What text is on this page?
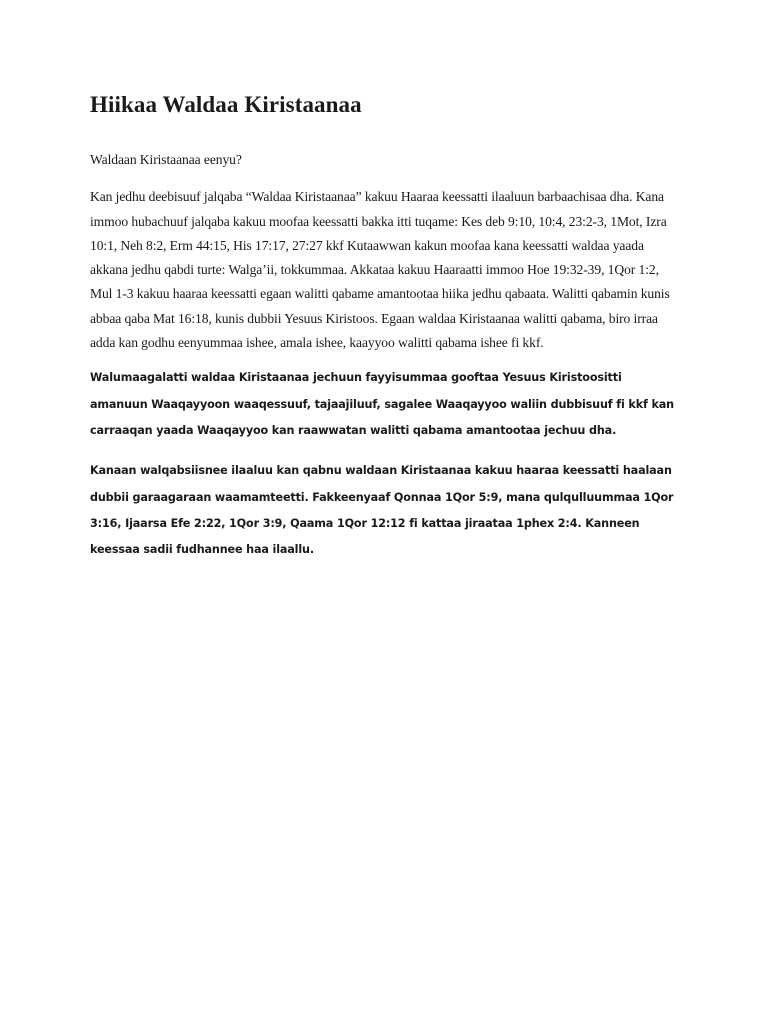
Hiikaa Waldaa Kiristaanaa

Waldaan Kiristaanaa eenyu?

Kan jedhu deebisuuf jalqaba “Waldaa Kiristaanaa” kakuu Haaraa keessatti ilaaluun barbaachisaa dha. Kana immoo hubachuuf jalqaba kakuu moofaa keessatti bakka itti tuqame: Kes deb 9:10, 10:4, 23:2-3, 1Mot, Izra 10:1, Neh 8:2, Erm 44:15, His 17:17, 27:27 kkf Kutaawwan kakun moofaa kana keessatti waldaa yaada akkana jedhu qabdi turte: Walga’ii, tokkummaa. Akkataa kakuu Haaraatti immoo Hoe 19:32-39, 1Qor 1:2, Mul 1-3 kakuu haaraa keessatti egaan walitti qabame amantootaa hiika jedhu qabaata. Walitti qabamin kunis abbaa qaba Mat 16:18, kunis dubbii Yesuus Kiristoos. Egaan waldaa Kiristaanaa walitti qabama, biro irraa adda kan godhu eenyummaa ishee, amala ishee, kaayyoo walitti qabama ishee fi kkf.

Walumaagalatti waldaa Kiristaanaa jechuun fayyisummaa gooftaa Yesuus Kiristoositti amanuun Waaqayyoon waaqessuuf, tajaajiluuf, sagalee Waaqayyoo waliin dubbisuuf fi kkf kan carraaqan yaada Waaqayyoo kan raawwatan walitti qabama amantootaa jechuu dha.

Kanaan walqabsiisnee ilaaluu kan qabnu waldaan Kiristaanaa kakuu haaraa keessatti haalaan dubbii garaagaraan waamamteetti. Fakkeenyaaf Qonnaa 1Qor 5:9, mana qulqulluummaa 1Qor 3:16, Ijaarsa Efe 2:22, 1Qor 3:9, Qaama 1Qor 12:12 fi kattaa jiraataa 1phex 2:4. Kanneen keessaa sadii fudhannee haa ilaallu.
